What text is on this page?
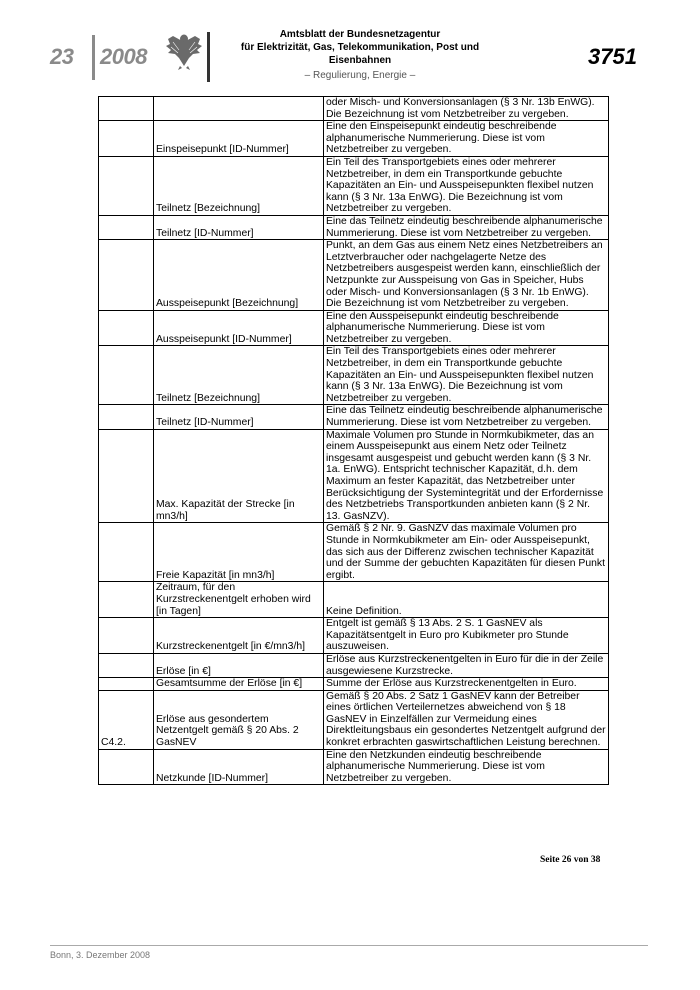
23 2008
Amtsblatt der Bundesnetzagentur
für Elektrizität, Gas, Telekommunikation, Post und Eisenbahnen
– Regulierung, Energie –
3751
		oder Misch- und Konversionsanlagen (§ 3 Nr. 13b EnWG). Die Bezeichnung ist vom Netzbetreiber zu vergeben.
	Einspeisepunkt [ID-Nummer]	Eine den Einspeisepunkt eindeutig beschreibende alphanumerische Nummerierung. Diese ist vom Netzbetreiber zu vergeben.
	Teilnetz [Bezeichnung]	Ein Teil des Transportgebiets eines oder mehrerer Netzbetreiber, in dem ein Transportkunde gebuchte Kapazitäten an Ein- und Ausspeisepunkten flexibel nutzen kann (§ 3 Nr. 13a EnWG). Die Bezeichnung ist vom Netzbetreiber zu vergeben.
	Teilnetz [ID-Nummer]	Eine das Teilnetz eindeutig beschreibende alphanumerische Nummerierung. Diese ist vom Netzbetreiber zu vergeben.
	Ausspeisepunkt [Bezeichnung]	Punkt, an dem Gas aus einem Netz eines Netzbetreibers an Letztverbraucher oder nachgelagerte Netze des Netzbetreibers ausgespeist werden kann, einschließlich der Netzpunkte zur Ausspeisung von Gas in Speicher, Hubs oder Misch- und Konversionsanlagen (§ 3 Nr. 1b EnWG). Die Bezeichnung ist vom Netzbetreiber zu vergeben.
	Ausspeisepunkt [ID-Nummer]	Eine den Ausspeisepunkt eindeutig beschreibende alphanumerische Nummerierung. Diese ist vom Netzbetreiber zu vergeben.
	Teilnetz [Bezeichnung]	Ein Teil des Transportgebiets eines oder mehrerer Netzbetreiber, in dem ein Transportkunde gebuchte Kapazitäten an Ein- und Ausspeisepunkten flexibel nutzen kann (§ 3 Nr. 13a EnWG). Die Bezeichnung ist vom Netzbetreiber zu vergeben.
	Teilnetz [ID-Nummer]	Eine das Teilnetz eindeutig beschreibende alphanumerische Nummerierung. Diese ist vom Netzbetreiber zu vergeben.
	Max. Kapazität der Strecke [in mn3/h]	Maximale Volumen pro Stunde in Normkubikmeter, das an einem Ausspeisepunkt aus einem Netz oder Teilnetz insgesamt ausgespeist und gebucht werden kann (§ 3 Nr. 1a. EnWG). Entspricht technischer Kapazität, d.h. dem Maximum an fester Kapazität, das Netzbetreiber unter Berücksichtigung der Systemintegrität und der Erfordernisse des Netzbetriebs Transportkunden anbieten kann (§ 2 Nr. 13. GasNZV).
	Freie Kapazität [in mn3/h]	Gemäß § 2 Nr. 9. GasNZV das maximale Volumen pro Stunde in Normkubikmeter am Ein- oder Ausspeisepunkt, das sich aus der Differenz zwischen technischer Kapazität und der Summe der gebuchten Kapazitäten für diesen Punkt ergibt.
	Zeitraum, für den Kurzstreckenentgelt erhoben wird [in Tagen]	Keine Definition.
	Kurzstreckenentgelt [in €/mn3/h]	Entgelt ist gemäß § 13 Abs. 2 S. 1 GasNEV als Kapazitätsentgelt in Euro pro Kubikmeter pro Stunde auszuweisen.
	Erlöse [in €]	Erlöse aus Kurzstreckenentgelten in Euro für die in der Zeile ausgewiesene Kurzstrecke.
	Gesamtsumme der Erlöse [in €]	Summe der Erlöse aus Kurzstreckenentgelten in Euro.
C4.2.	Erlöse aus gesondertem Netzentgelt gemäß § 20 Abs. 2 GasNEV	Gemäß § 20 Abs. 2 Satz 1 GasNEV kann der Betreiber eines örtlichen Verteilernetzes abweichend von § 18 GasNEV in Einzelfällen zur Vermeidung eines Direktleitungsbaus ein gesondertes Netzentgelt aufgrund der konkret erbrachten gaswirtschaftlichen Leistung berechnen.
	Netzkunde [ID-Nummer]	Eine den Netzkunden eindeutig beschreibende alphanumerische Nummerierung. Diese ist vom Netzbetreiber zu vergeben.
Seite 26 von 38
Bonn, 3. Dezember 2008
